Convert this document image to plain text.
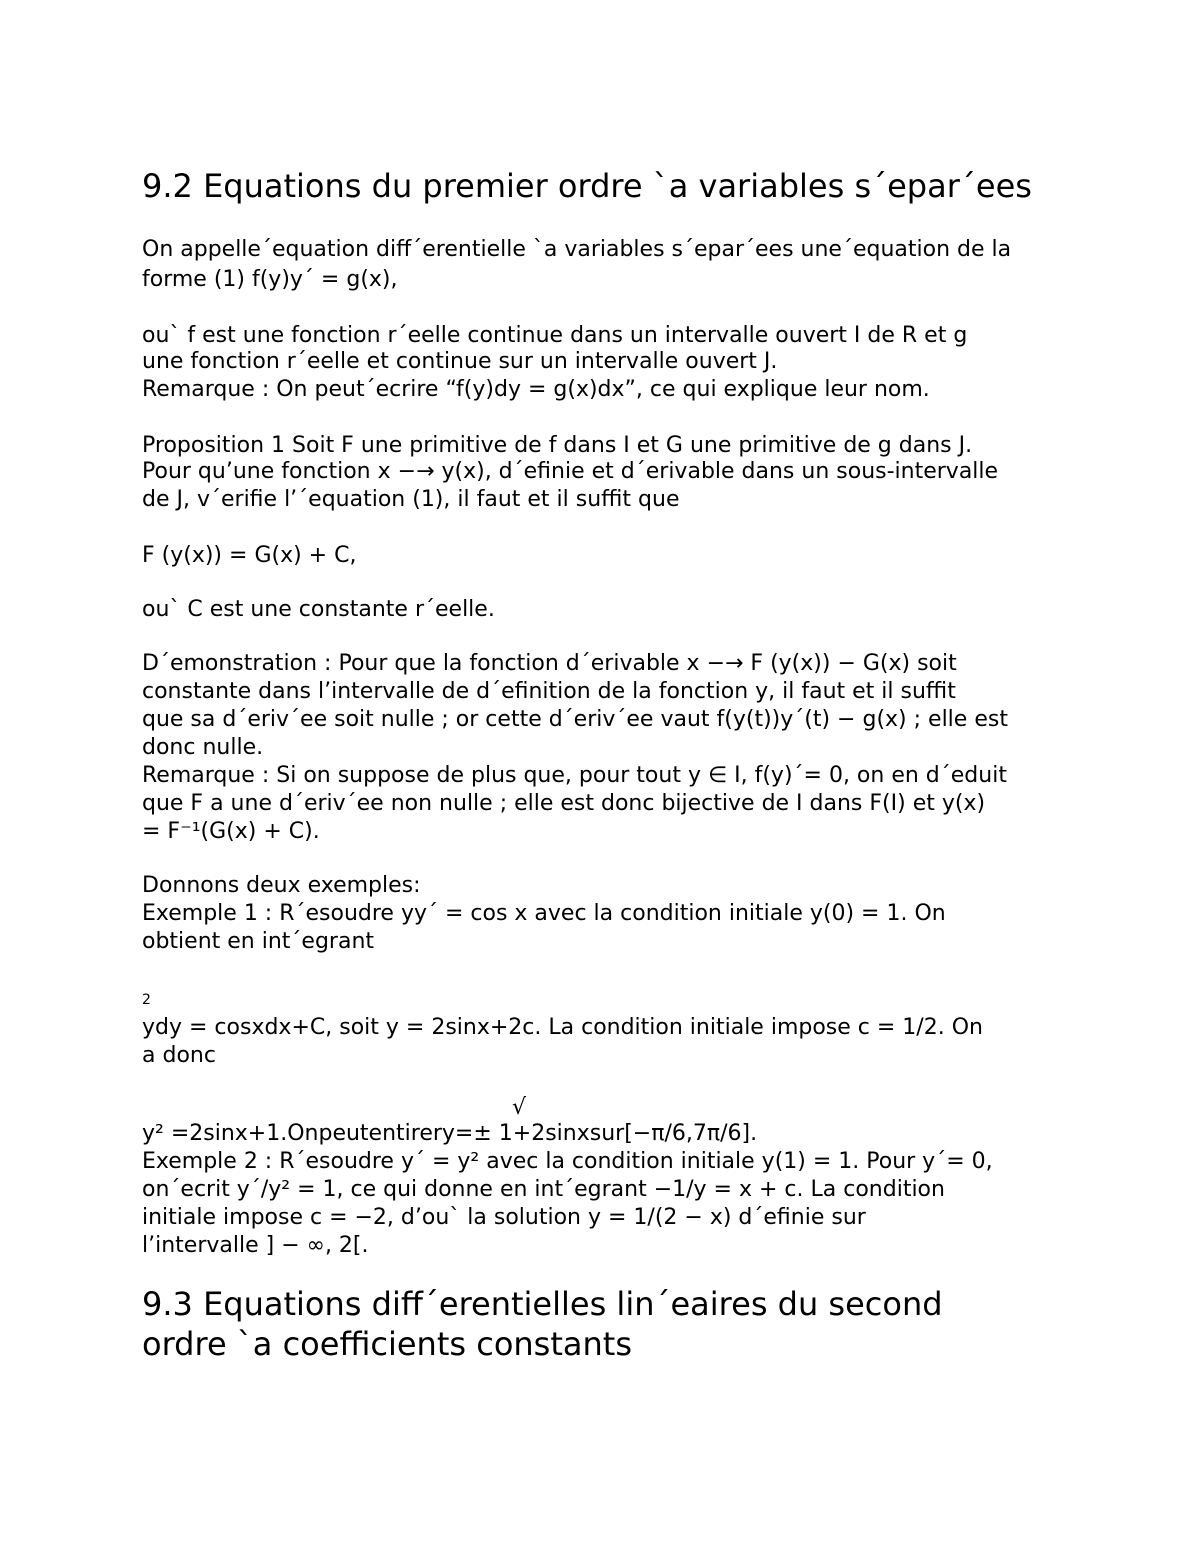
9.2 Equations du premier ordre `a variables s´epar´ees
On appelle´equation diff´erentielle `a variables s´epar´ees une´equation de la
forme (1) f(y)y´ = g(x),
ou` f est une fonction r´eelle continue dans un intervalle ouvert I de R et g
une fonction r´eelle et continue sur un intervalle ouvert J.
Remarque : On peut´ecrire “f(y)dy = g(x)dx”, ce qui explique leur nom.
Proposition 1 Soit F une primitive de f dans I et G une primitive de g dans J.
Pour qu’une fonction x −→ y(x), d´efinie et d´erivable dans un sous-intervalle
de J, v´erifie l’´equation (1), il faut et il suffit que
F (y(x)) = G(x) + C,
ou` C est une constante r´eelle.
D´emonstration : Pour que la fonction d´erivable x −→ F (y(x)) − G(x) soit
constante dans l’intervalle de d´efinition de la fonction y, il faut et il suffit
que sa d´eriv´ee soit nulle ; or cette d´eriv´ee vaut f(y(t))y´(t) − g(x) ; elle est
donc nulle.
Remarque : Si on suppose de plus que, pour tout y ∈ I, f(y)´= 0, on en d´eduit
que F a une d´eriv´ee non nulle ; elle est donc bijective de I dans F(I) et y(x)
= F⁻¹(G(x) + C).
Donnons deux exemples:
Exemple 1 : R´esoudre yy´ = cos x avec la condition initiale y(0) = 1. On
obtient en int´egrant
2
ydy = cosxdx+C, soit y = 2sinx+2c. La condition initiale impose c = 1/2. On
a donc
√
y² =2sinx+1.Onpeutentirery=± 1+2sinxsur[−π/6,7π/6].
Exemple 2 : R´esoudre y´ = y² avec la condition initiale y(1) = 1. Pour y´= 0,
on´ecrit y´/y² = 1, ce qui donne en int´egrant −1/y = x + c. La condition
initiale impose c = −2, d’ou` la solution y = 1/(2 − x) d´efinie sur
l’intervalle ] − ∞, 2[.
9.3 Equations diff´erentielles lin´eaires du second
ordre `a coefficients constants
